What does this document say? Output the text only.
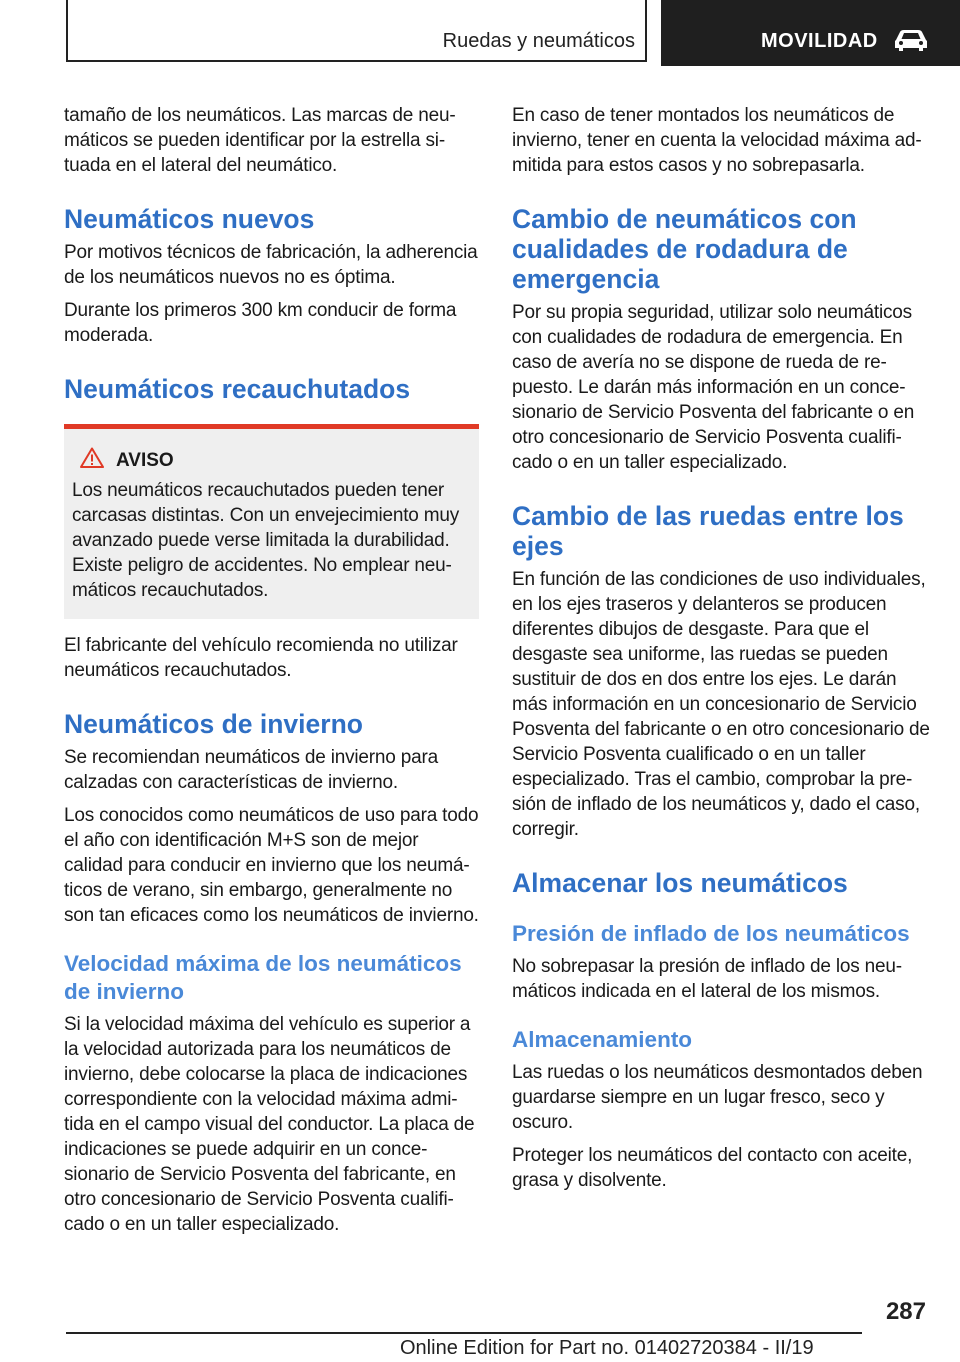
Ruedas y neumáticos	MOVILIDAD

tamaño de los neumáticos. Las marcas de neumáticos se pueden identificar por la estrella situada en el lateral del neumático.

Neumáticos nuevos

Por motivos técnicos de fabricación, la adherencia de los neumáticos nuevos no es óptima.

Durante los primeros 300 km conducir de forma moderada.

Neumáticos recauchutados
AVISO

Los neumáticos recauchutados pueden tener carcasas distintas. Con un envejecimiento muy avanzado puede verse limitada la durabilidad. Existe peligro de accidentes. No emplear neumáticos recauchutados.

El fabricante del vehículo recomienda no utilizar neumáticos recauchutados.

Neumáticos de invierno

Se recomiendan neumáticos de invierno para calzadas con características de invierno.

Los conocidos como neumáticos de uso para todo el año con identificación M+S son de mejor calidad para conducir en invierno que los neumáticos de verano, sin embargo, generalmente no son tan eficaces como los neumáticos de invierno.

Velocidad máxima de los neumáticos de invierno

Si la velocidad máxima del vehículo es superior a la velocidad autorizada para los neumáticos de invierno, debe colocarse la placa de indicaciones correspondiente con la velocidad máxima admitida en el campo visual del conductor. La placa de indicaciones se puede adquirir en un concesionario de Servicio Posventa del fabricante, en otro concesionario de Servicio Posventa cualificado o en un taller especializado.

En caso de tener montados los neumáticos de invierno, tener en cuenta la velocidad máxima admitida para estos casos y no sobrepasarla.

Cambio de neumáticos con cualidades de rodadura de emergencia

Por su propia seguridad, utilizar solo neumáticos con cualidades de rodadura de emergencia. En caso de avería no se dispone de rueda de repuesto. Le darán más información en un concesionario de Servicio Posventa del fabricante o en otro concesionario de Servicio Posventa cualificado o en un taller especializado.

Cambio de las ruedas entre los ejes

En función de las condiciones de uso individuales, en los ejes traseros y delanteros se producen diferentes dibujos de desgaste. Para que el desgaste sea uniforme, las ruedas se pueden sustituir de dos en dos entre los ejes. Le darán más información en un concesionario de Servicio Posventa del fabricante o en otro concesionario de Servicio Posventa cualificado o en un taller especializado. Tras el cambio, comprobar la presión de inflado de los neumáticos y, dado el caso, corregir.

Almacenar los neumáticos
Presión de inflado de los neumáticos

No sobrepasar la presión de inflado de los neumáticos indicada en el lateral de los mismos.

Almacenamiento

Las ruedas o los neumáticos desmontados deben guardarse siempre en un lugar fresco, seco y oscuro.

Proteger los neumáticos del contacto con aceite, grasa y disolvente.

287
Online Edition for Part no. 01402720384 - II/19
